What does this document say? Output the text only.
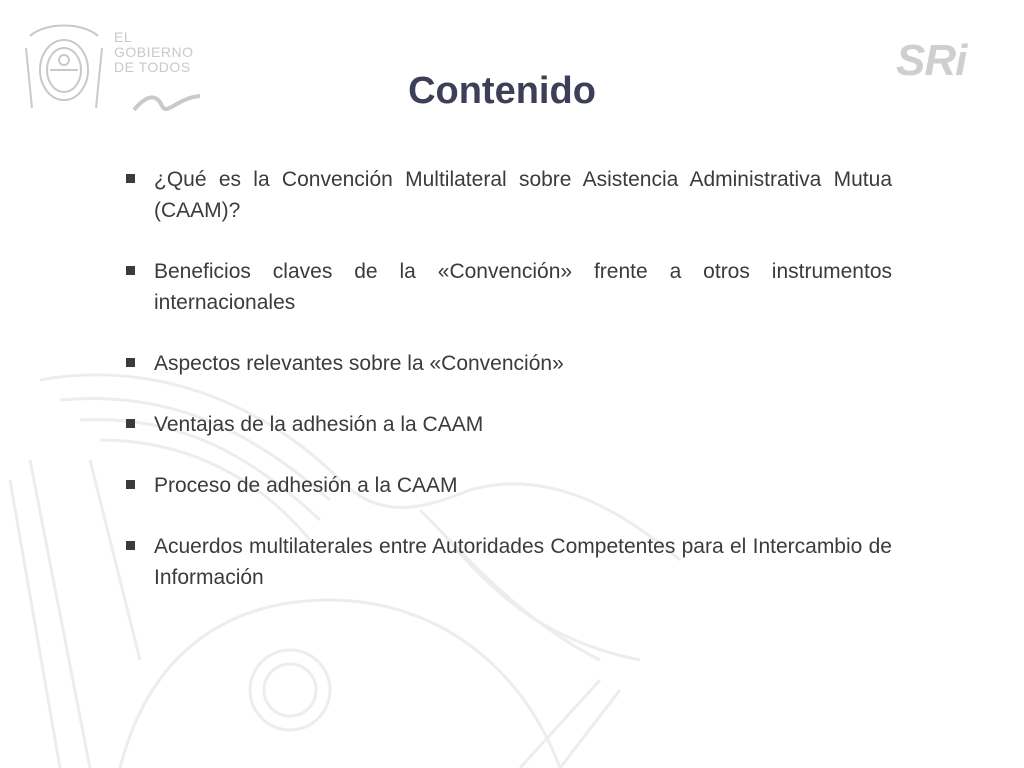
EL
GOBIERNO
DE TODOS	SRi
Contenido
¿Qué es la Convención Multilateral sobre Asistencia Administrativa Mutua (CAAM)?
Beneficios claves de la «Convención» frente a otros instrumentos internacionales
Aspectos relevantes sobre la «Convención»
Ventajas de la adhesión a la CAAM
Proceso de adhesión a la CAAM
Acuerdos multilaterales entre Autoridades Competentes para el Intercambio de Información
